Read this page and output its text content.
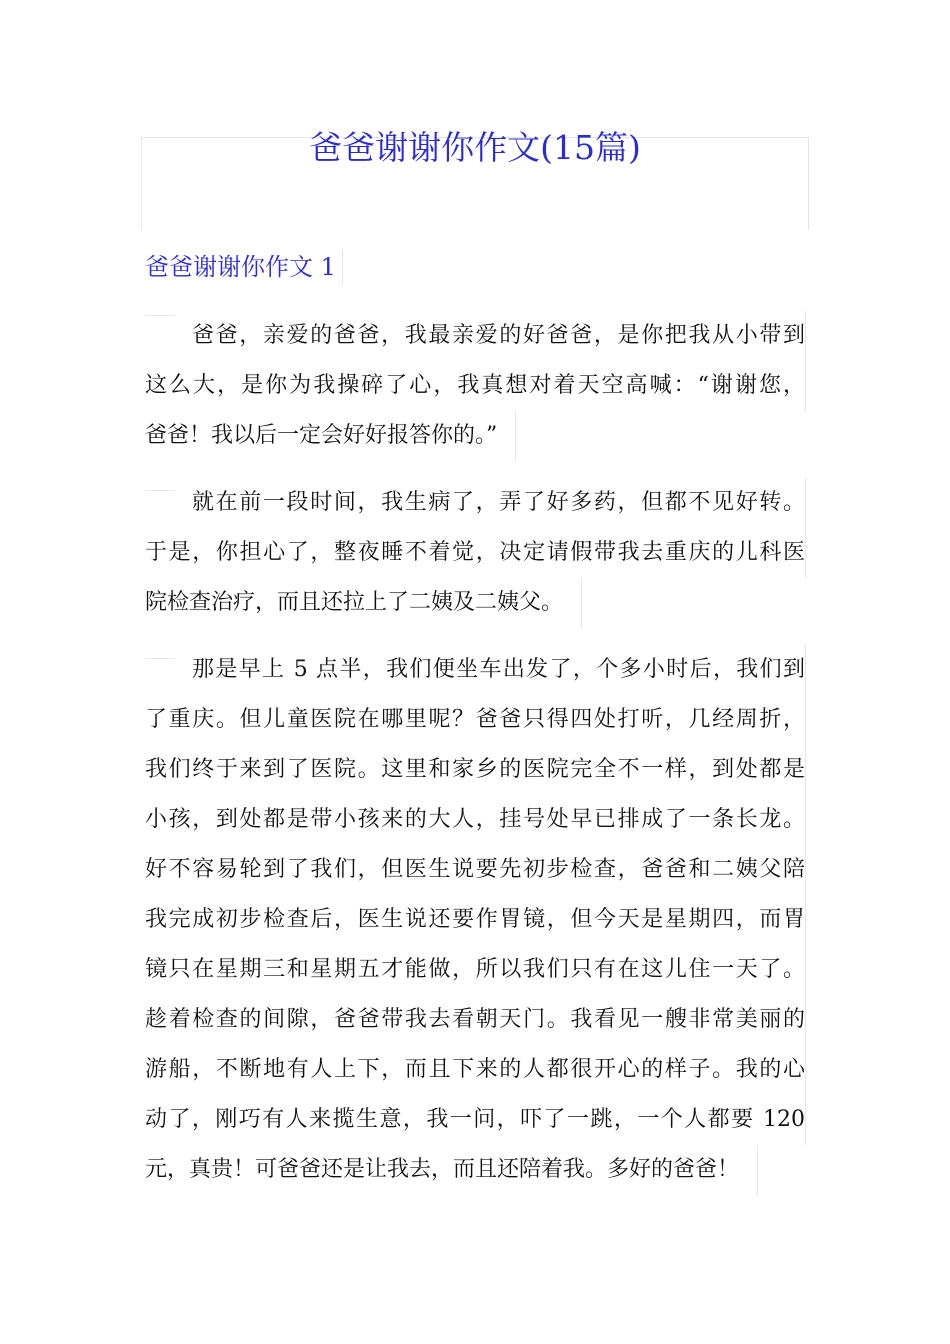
爸爸谢谢你作文(15篇)
爸爸谢谢你作文 1
爸爸，亲爱的爸爸，我最亲爱的好爸爸，是你把我从小带到
这么大，是你为我操碎了心，我真想对着天空高喊：“谢谢您，
爸爸！我以后一定会好好报答你的。”
就在前一段时间，我生病了，弄了好多药，但都不见好转。
于是，你担心了，整夜睡不着觉，决定请假带我去重庆的儿科医
院检查治疗，而且还拉上了二姨及二姨父。
那是早上 5 点半，我们便坐车出发了，个多小时后，我们到
了重庆。但儿童医院在哪里呢？爸爸只得四处打听，几经周折，
我们终于来到了医院。这里和家乡的医院完全不一样，到处都是
小孩，到处都是带小孩来的大人，挂号处早已排成了一条长龙。
好不容易轮到了我们，但医生说要先初步检查，爸爸和二姨父陪
我完成初步检查后，医生说还要作胃镜，但今天是星期四，而胃
镜只在星期三和星期五才能做，所以我们只有在这儿住一天了。
趁着检查的间隙，爸爸带我去看朝天门。我看见一艘非常美丽的
游船，不断地有人上下，而且下来的人都很开心的样子。我的心
动了，刚巧有人来揽生意，我一问，吓了一跳，一个人都要 120
元，真贵！可爸爸还是让我去，而且还陪着我。多好的爸爸！
